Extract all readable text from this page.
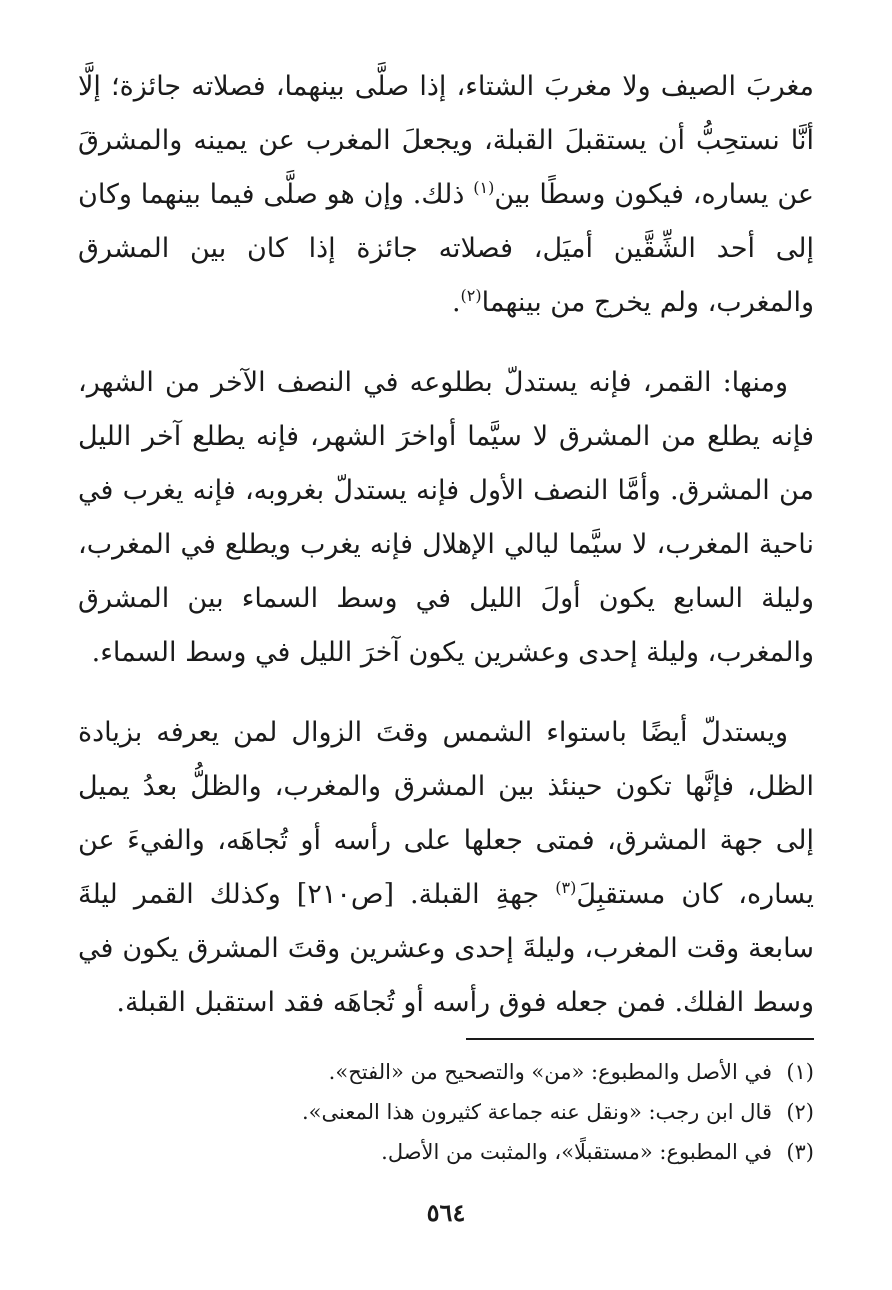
مغربَ الصيف ولا مغربَ الشتاء، إذا صلَّى بينهما، فصلاته جائزة؛ إلَّا أنَّا نستحِبُّ أن يستقبلَ القبلة، ويجعلَ المغرب عن يمينه والمشرقَ عن يساره، فيكون وسطًا بين$^{(١)}$ ذلك. وإن هو صلَّى فيما بينهما وكان إلى أحد الشِّقَّين أميَل، فصلاته جائزة إذا كان بين المشرق والمغرب، ولم يخرج من بينهما$^{(٢)}$.

ومنها: القمر، فإنه يستدلّ بطلوعه في النصف الآخر من الشهر، فإنه يطلع من المشرق لا سيَّما أواخرَ الشهر، فإنه يطلع آخر الليل من المشرق. وأمَّا النصف الأول فإنه يستدلّ بغروبه، فإنه يغرب في ناحية المغرب، لا سيَّما ليالي الإهلال فإنه يغرب ويطلع في المغرب، وليلة السابع يكون أولَ الليل في وسط السماء بين المشرق والمغرب، وليلة إحدى وعشرين يكون آخرَ الليل في وسط السماء.

ويستدلّ أيضًا باستواء الشمس وقتَ الزوال لمن يعرفه بزيادة الظل، فإنَّها تكون حينئذ بين المشرق والمغرب، والظلُّ بعدُ يميل إلى جهة المشرق، فمتى جعلها على رأسه أو تُجاهَه، والفيءَ عن يساره، كان مستقبِلَ$^{(٣)}$ جهةِ القبلة. [ص٢١٠] وكذلك القمر ليلةَ سابعة وقت المغرب، وليلةَ إحدى وعشرين وقتَ المشرق يكون في وسط الفلك. فمن جعله فوق رأسه أو تُجاهَه فقد استقبل القبلة.

(١)
في الأصل والمطبوع: «من» والتصحيح من «الفتح».
(٢)
قال ابن رجب: «ونقل عنه جماعة كثيرون هذا المعنى».
(٣)
في المطبوع: «مستقبلًا»، والمثبت من الأصل.
٥٦٤
